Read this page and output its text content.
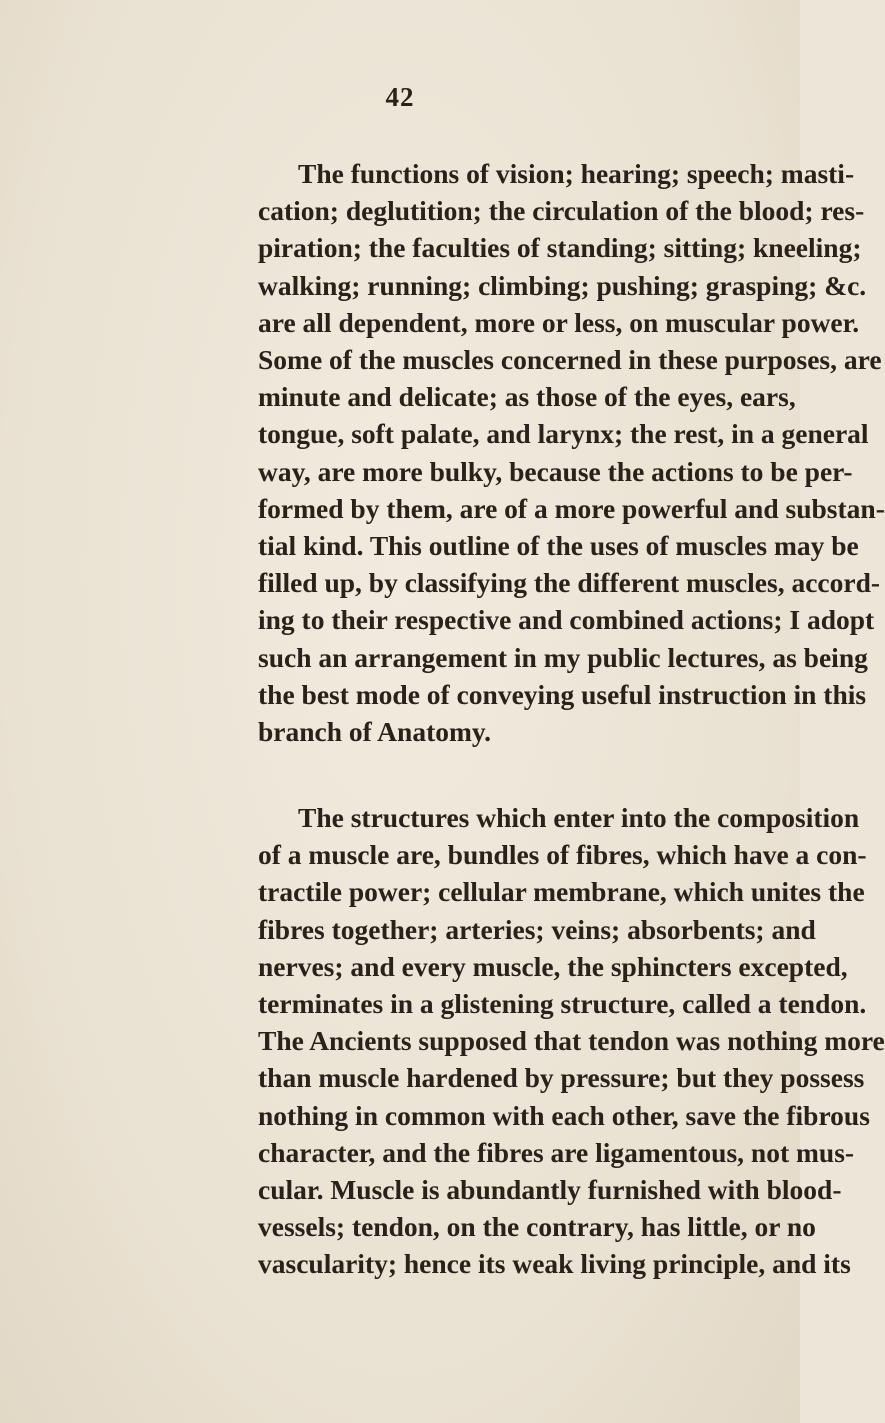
42
The functions of vision; hearing; speech; masti-
cation; deglutition; the circulation of the blood; res-
piration; the faculties of standing; sitting; kneeling;
walking; running; climbing; pushing; grasping; &c.
are all dependent, more or less, on muscular power.
Some of the muscles concerned in these purposes, are
minute and delicate; as those of the eyes, ears,
tongue, soft palate, and larynx; the rest, in a general
way, are more bulky, because the actions to be per-
formed by them, are of a more powerful and substan-
tial kind. This outline of the uses of muscles may be
filled up, by classifying the different muscles, accord-
ing to their respective and combined actions; I adopt
such an arrangement in my public lectures, as being
the best mode of conveying useful instruction in this
branch of Anatomy.
The structures which enter into the composition
of a muscle are, bundles of fibres, which have a con-
tractile power; cellular membrane, which unites the
fibres together; arteries; veins; absorbents; and
nerves; and every muscle, the sphincters excepted,
terminates in a glistening structure, called a tendon.
The Ancients supposed that tendon was nothing more
than muscle hardened by pressure; but they possess
nothing in common with each other, save the fibrous
character, and the fibres are ligamentous, not mus-
cular. Muscle is abundantly furnished with blood-
vessels; tendon, on the contrary, has little, or no
vascularity; hence its weak living principle, and its
